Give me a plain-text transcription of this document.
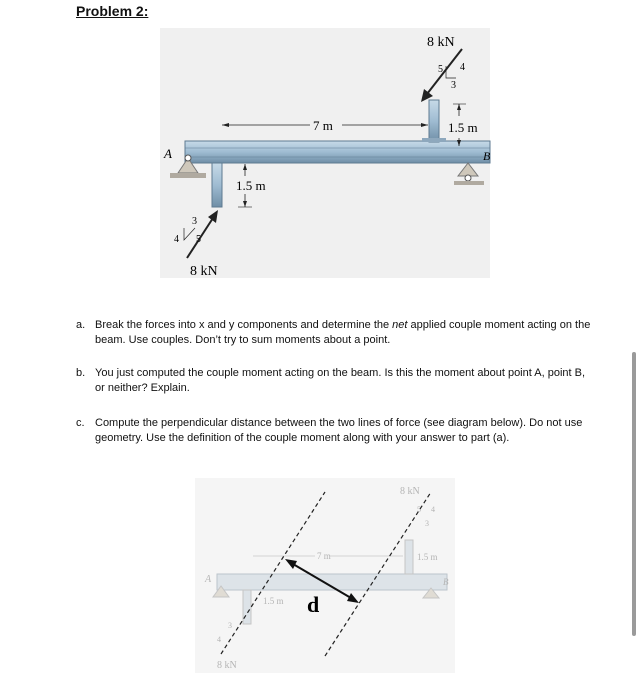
Problem 2:
A	B
7 m	1.5 m
1.5 m
8 kN
5 4
3
8 kN
3
4 5
a. Break the forces into x and y components and determine the net applied couple moment acting on the beam. Use couples. Don’t try to sum moments about a point.
b. You just computed the couple moment acting on the beam. Is this the moment about point A, point B, or neither? Explain.
c. Compute the perpendicular distance between the two lines of force (see diagram below). Do not use geometry. Use the definition of the couple moment along with your answer to part (a).
A	B
7 m	1.5 m
1.5 m
8 kN
5 4
3
8 kN
4
3
d
